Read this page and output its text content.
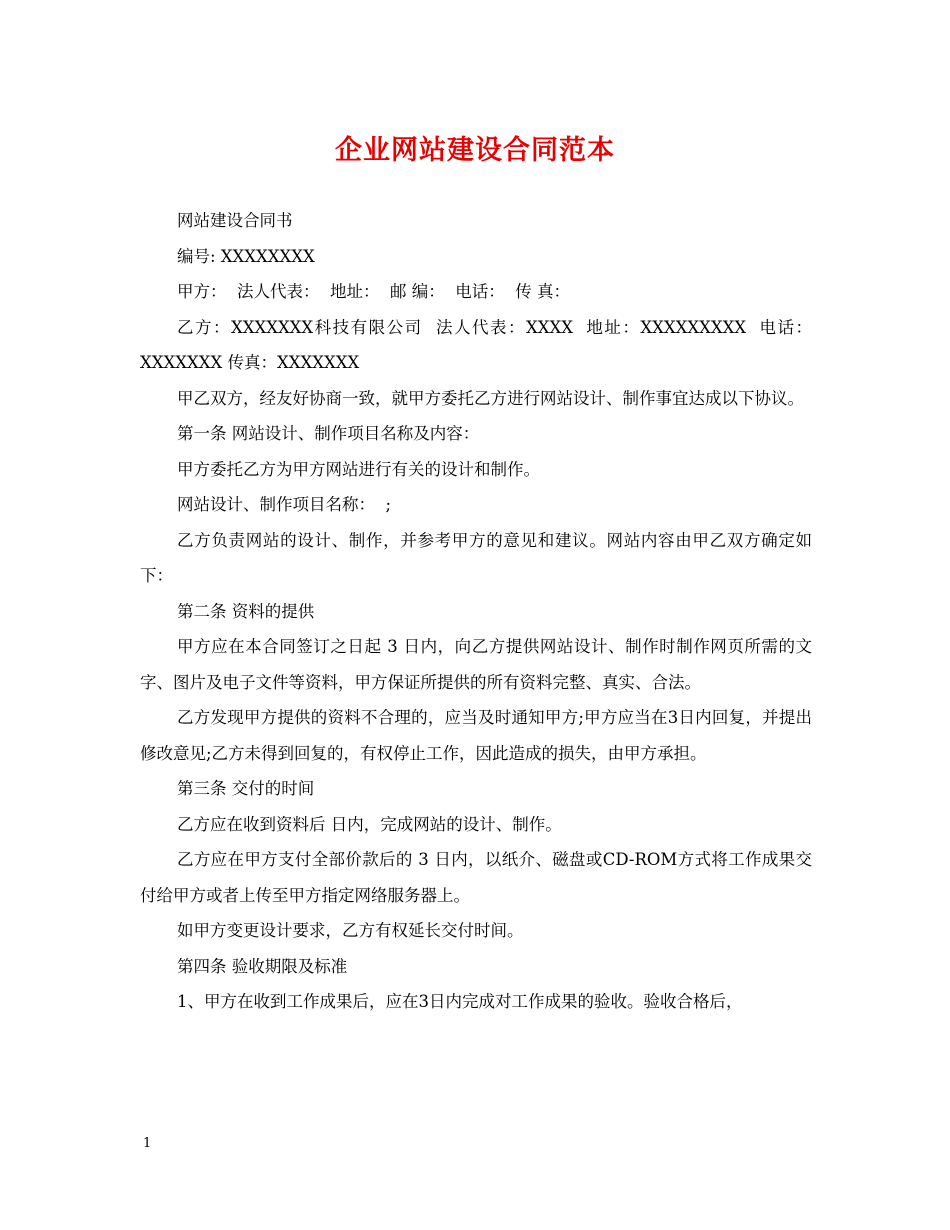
企业网站建设合同范本

网站建设合同书

编号: XXXXXXXX

甲方：  法人代表：  地址：  邮 编：  电话：  传 真：

乙方：XXXXXXX科技有限公司  法人代表：XXXX  地址：XXXXXXXXX  电话：XXXXXXX 传真：XXXXXXX

甲乙双方，经友好协商一致，就甲方委托乙方进行网站设计、制作事宜达成以下协议。

第一条 网站设计、制作项目名称及内容：

甲方委托乙方为甲方网站进行有关的设计和制作。

网站设计、制作项目名称：  ;

乙方负责网站的设计、制作，并参考甲方的意见和建议。网站内容由甲乙双方确定如下：

第二条 资料的提供

甲方应在本合同签订之日起 3 日内，向乙方提供网站设计、制作时制作网页所需的文字、图片及电子文件等资料，甲方保证所提供的所有资料完整、真实、合法。

乙方发现甲方提供的资料不合理的，应当及时通知甲方;甲方应当在3日内回复，并提出修改意见;乙方未得到回复的，有权停止工作，因此造成的损失，由甲方承担。

第三条 交付的时间

乙方应在收到资料后 日内，完成网站的设计、制作。

乙方应在甲方支付全部价款后的 3 日内，以纸介、磁盘或CD-ROM方式将工作成果交付给甲方或者上传至甲方指定网络服务器上。

如甲方变更设计要求，乙方有权延长交付时间。

第四条 验收期限及标准

1、甲方在收到工作成果后，应在3日内完成对工作成果的验收。验收合格后，

1
